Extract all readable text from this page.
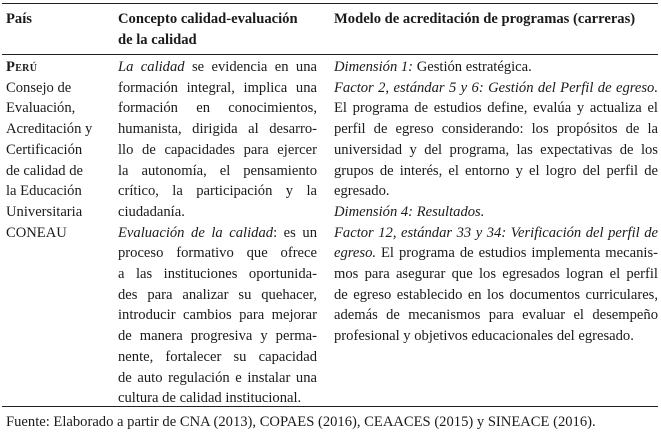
País	Concepto calidad-evaluación
de la calidad
Modelo de acreditación de programas (carreras)
Perú
Consejo de
Evaluación,
Acreditación y
Certificación
de calidad de
la Educación
Universitaria
CONEAU
La calidad se evidencia en una
formación integral, implica una
formación en conocimientos,
humanista, dirigida al desarro-
llo de capacidades para ejercer
la autonomía, el pensamiento
crítico, la participación y la
ciudadanía.
Evaluación de la calidad: es un
proceso formativo que ofrece
a las instituciones oportunida-
des para analizar su quehacer,
introducir cambios para mejorar
de manera progresiva y perma-
nente, fortalecer su capacidad
de auto regulación e instalar una
cultura de calidad institucional.
Dimensión 1: Gestión estratégica.
Factor 2, estándar 5 y 6: Gestión del Perfil de egreso.
El programa de estudios define, evalúa y actualiza el
perfil de egreso considerando: los propósitos de la
universidad y del programa, las expectativas de los
grupos de interés, el entorno y el logro del perfil de
egresado.
Dimensión 4: Resultados.
Factor 12, estándar 33 y 34: Verificación del perfil de
egreso. El programa de estudios implementa mecanis-
mos para asegurar que los egresados logran el perfil
de egreso establecido en los documentos curriculares,
además de mecanismos para evaluar el desempeño
profesional y objetivos educacionales del egresado.
Fuente: Elaborado a partir de CNA (2013), COPAES (2016), CEAACES (2015) y SINEACE (2016).
